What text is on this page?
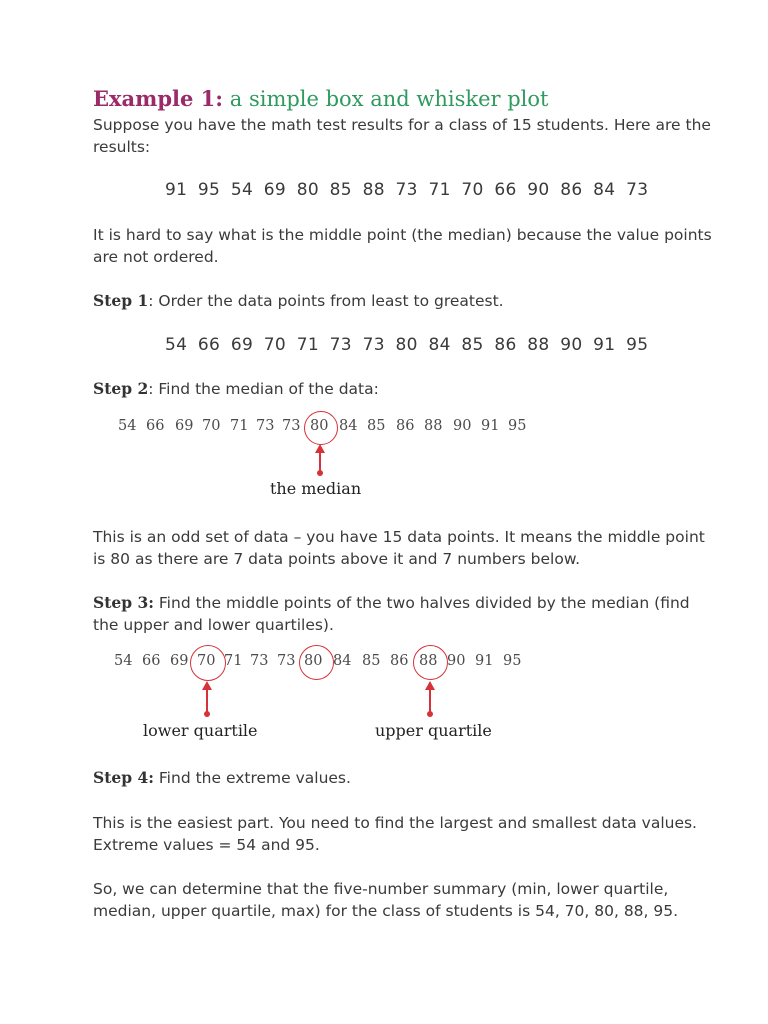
Example 1: a simple box and whisker plot
Suppose you have the math test results for a class of 15 students. Here are the results:
91 95 54 69 80 85 88 73 71 70 66 90 86 84 73
It is hard to say what is the middle point (the median) because the value points are not ordered.
Step 1: Order the data points from least to greatest.
54 66 69 70 71 73 73 80 84 85 86 88 90 91 95
Step 2: Find the median of the data:
54 66 69 70 71 73 73 80 84 85 86 88 90 91 95
the median
This is an odd set of data – you have 15 data points. It means the middle point is 80 as there are 7 data points above it and 7 numbers below.
Step 3: Find the middle points of the two halves divided by the median (find the upper and lower quartiles).
54 66 69 70 71 73 73 80 84 85 86 88 90 91 95
lower quartile	upper quartile
Step 4: Find the extreme values.
This is the easiest part. You need to find the largest and smallest data values. Extreme values = 54 and 95.
So, we can determine that the five-number summary (min, lower quartile, median, upper quartile, max) for the class of students is 54, 70, 80, 88, 95.
